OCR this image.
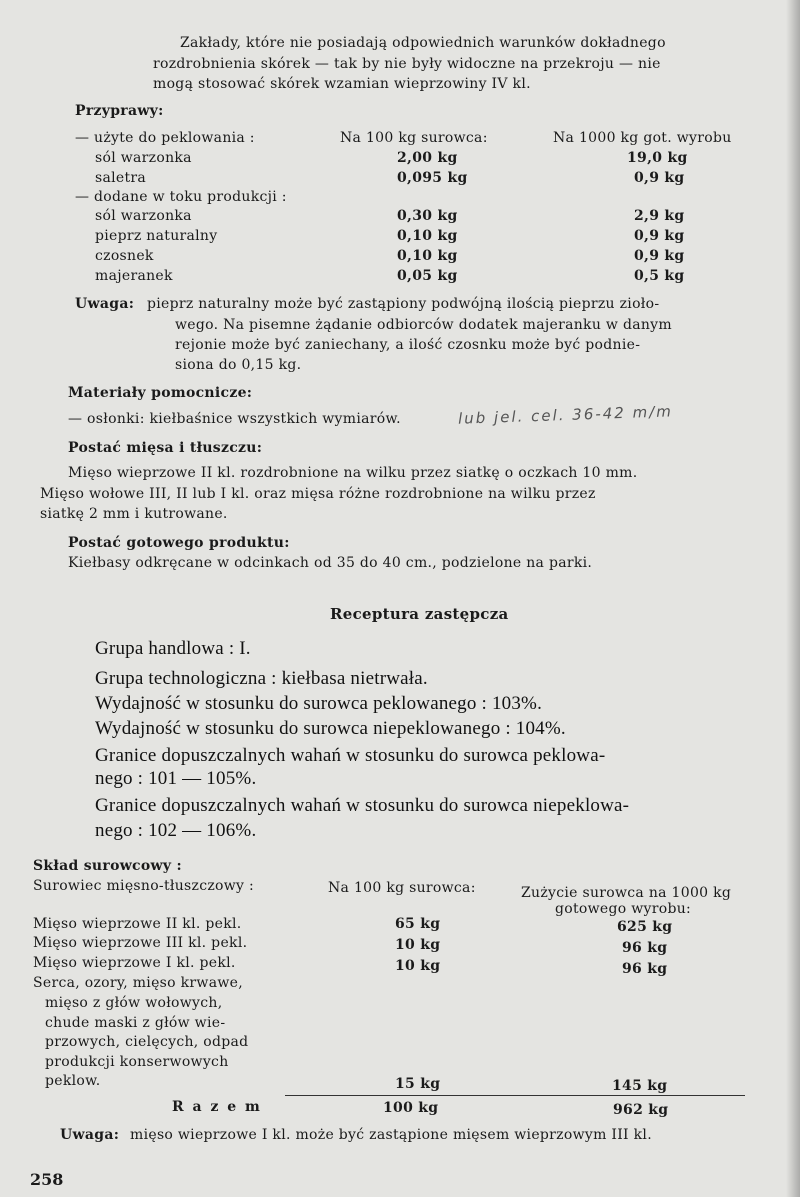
Zakłady, które nie posiadają odpowiednich warunków dokładnego
rozdrobnienia skórek — tak by nie były widoczne na przekroju — nie
mogą stosować skórek wzamian wieprzowiny IV kl.
Przyprawy:
— użyte do peklowania :	Na 100 kg surowca:	Na 1000 kg got. wyrobu
sól warzonka	2,00 kg	19,0 kg
saletra	0,095 kg	0,9 kg
— dodane w toku produkcji :
sól warzonka	0,30 kg	2,9 kg
pieprz naturalny	0,10 kg	0,9 kg
czosnek	0,10 kg	0,9 kg
majeranek	0,05 kg	0,5 kg
Uwaga: pieprz naturalny może być zastąpiony podwójną ilością pieprzu zioło-
wego. Na pisemne żądanie odbiorców dodatek majeranku w danym
rejonie może być zaniechany, a ilość czosnku może być podnie-
siona do 0,15 kg.
Materiały pomocnicze:
— osłonki: kiełbaśnice wszystkich wymiarów.	lub jel. cel. 36-42 m/m
Postać mięsa i tłuszczu:
Mięso wieprzowe II kl. rozdrobnione na wilku przez siatkę o oczkach 10 mm.
Mięso wołowe III, II lub I kl. oraz mięsa różne rozdrobnione na wilku przez
siatkę 2 mm i kutrowane.
Postać gotowego produktu:
Kiełbasy odkręcane w odcinkach od 35 do 40 cm., podzielone na parki.
Receptura zastępcza
Grupa handlowa : I.
Grupa technologiczna : kiełbasa nietrwała.
Wydajność w stosunku do surowca peklowanego : 103%.
Wydajność w stosunku do surowca niepeklowanego : 104%.
Granice dopuszczalnych wahań w stosunku do surowca peklowa-
nego : 101 — 105%.
Granice dopuszczalnych wahań w stosunku do surowca niepeklowa-
nego : 102 — 106%.
Skład surowcowy :
Surowiec mięsno-tłuszczowy :	Na 100 kg surowca:	Zużycie surowca na 1000 kg
gotowego wyrobu:
Mięso wieprzowe II kl. pekl.	65 kg	625 kg
Mięso wieprzowe III kl. pekl.	10 kg	96 kg
Mięso wieprzowe I kl. pekl.	10 kg	96 kg
Serca, ozory, mięso krwawe,
mięso z głów wołowych,
chude maski z głów wie-
przowych, cielęcych, odpad
produkcji konserwowych
peklow.	15 kg	145 kg
R a z e m	100 kg	962 kg
Uwaga: mięso wieprzowe I kl. może być zastąpione mięsem wieprzowym III kl.
258
